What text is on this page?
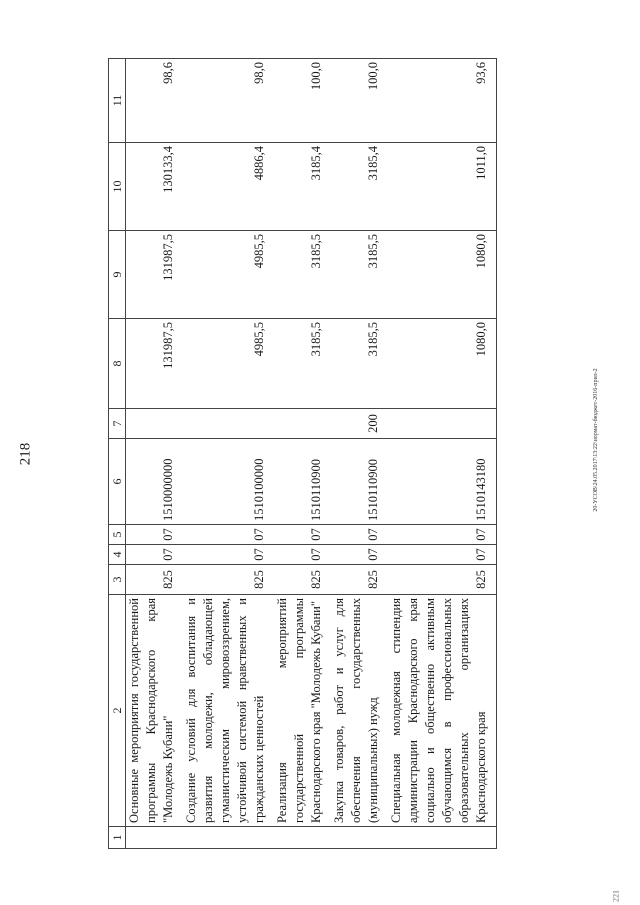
218	20-УСОВ\24.05.2017\13:22\нормат-бюджет-2016-прил-2
221
1	2	3	4	5	6	7	8	9	10	11
	Основные мероприятия государственной программы Краснодарского края "Молодежь Кубани"	825	07	07	1510000000		131987,5	131987,5	130133,4	98,6
	Создание условий для воспитания и развития молодежи, обладающей гуманистическим мировоззрением, устойчивой системой нравственных и гражданских ценностей	825	07	07	1510100000		4985,5	4985,5	4886,4	98,0
	Реализация мероприятий государственной программы Краснодарского края "Молодежь Кубани"	825	07	07	1510110900		3185,5	3185,5	3185,4	100,0
	Закупка товаров, работ и услуг для обеспечения государственных (муниципальных) нужд	825	07	07	1510110900	200	3185,5	3185,5	3185,4	100,0
	Специальная молодежная стипендия администрации Краснодарского края социально и общественно активным обучающимся в профессиональных образовательных организациях Краснодарского края	825	07	07	1510143180		1080,0	1080,0	1011,0	93,6
